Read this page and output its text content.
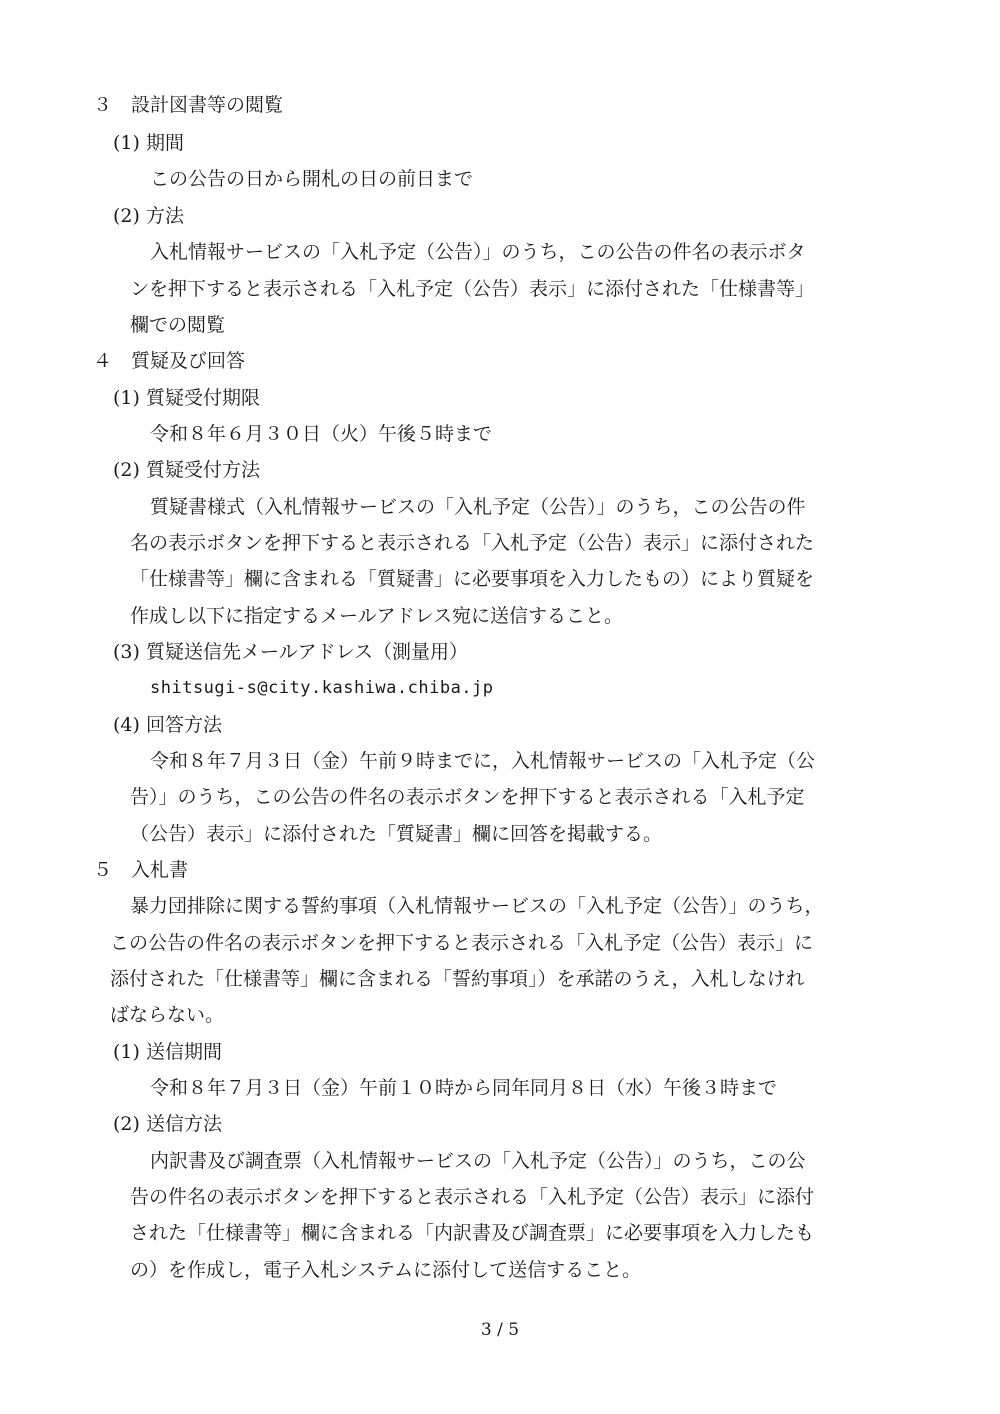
３　設計図書等の閲覧
(1) 期間
この公告の日から開札の日の前日まで
(2) 方法
入札情報サービスの「入札予定（公告）」のうち，この公告の件名の表示ボタ
ンを押下すると表示される「入札予定（公告）表示」に添付された「仕様書等」
欄での閲覧
４　質疑及び回答
(1) 質疑受付期限
令和８年６月３０日（火）午後５時まで
(2) 質疑受付方法
質疑書様式（入札情報サービスの「入札予定（公告）」のうち，この公告の件
名の表示ボタンを押下すると表示される「入札予定（公告）表示」に添付された
「仕様書等」欄に含まれる「質疑書」に必要事項を入力したもの）により質疑を
作成し以下に指定するメールアドレス宛に送信すること。
(3) 質疑送信先メールアドレス（測量用）
shitsugi-s@city.kashiwa.chiba.jp
(4) 回答方法
令和８年７月３日（金）午前９時までに，入札情報サービスの「入札予定（公
告）」のうち，この公告の件名の表示ボタンを押下すると表示される「入札予定
（公告）表示」に添付された「質疑書」欄に回答を掲載する。
５　入札書
暴力団排除に関する誓約事項（入札情報サービスの「入札予定（公告）」のうち，
この公告の件名の表示ボタンを押下すると表示される「入札予定（公告）表示」に
添付された「仕様書等」欄に含まれる「誓約事項」）を承諾のうえ，入札しなけれ
ばならない。
(1) 送信期間
令和８年７月３日（金）午前１０時から同年同月８日（水）午後３時まで
(2) 送信方法
内訳書及び調査票（入札情報サービスの「入札予定（公告）」のうち，この公
告の件名の表示ボタンを押下すると表示される「入札予定（公告）表示」に添付
された「仕様書等」欄に含まれる「内訳書及び調査票」に必要事項を入力したも
の）を作成し，電子入札システムに添付して送信すること。
3 / 5
